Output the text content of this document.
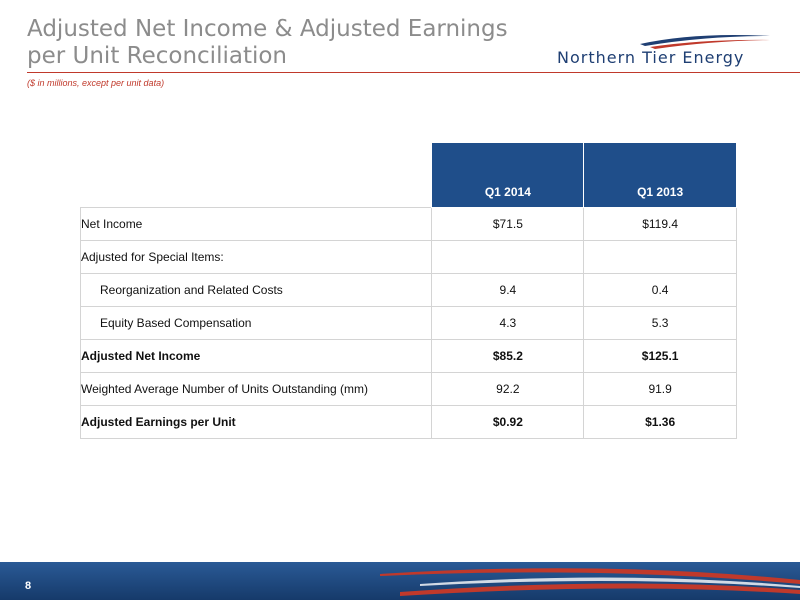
Adjusted Net Income & Adjusted Earnings
per Unit Reconciliation
($ in millions, except per unit data)
Northern Tier Energy
	Q1 2014	Q1 2013
Net Income	$71.5	$119.4
Adjusted for Special Items:		
Reorganization and Related Costs	9.4	0.4
Equity Based Compensation	4.3	5.3
Adjusted Net Income	$85.2	$125.1
Weighted Average Number of Units Outstanding (mm)	92.2	91.9
Adjusted Earnings per Unit	$0.92	$1.36
8
